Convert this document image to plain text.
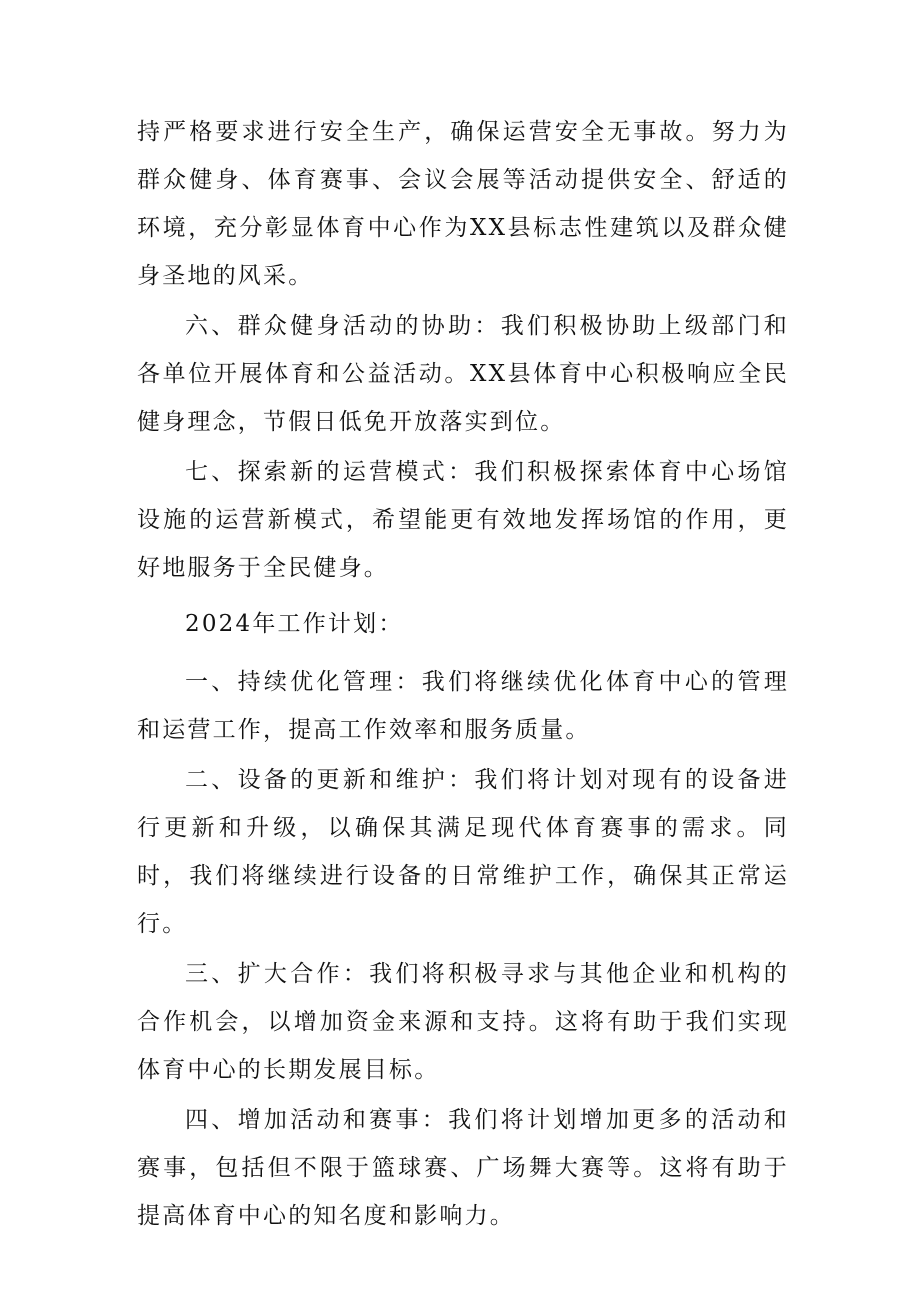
持严格要求进行安全生产，确保运营安全无事故。努力为群众健身、体育赛事、会议会展等活动提供安全、舒适的环境，充分彰显体育中心作为XX县标志性建筑以及群众健身圣地的风采。

六、群众健身活动的协助：我们积极协助上级部门和各单位开展体育和公益活动。XX县体育中心积极响应全民健身理念，节假日低免开放落实到位。

七、探索新的运营模式：我们积极探索体育中心场馆设施的运营新模式，希望能更有效地发挥场馆的作用，更好地服务于全民健身。

2024年工作计划：

一、持续优化管理：我们将继续优化体育中心的管理和运营工作，提高工作效率和服务质量。

二、设备的更新和维护：我们将计划对现有的设备进行更新和升级，以确保其满足现代体育赛事的需求。同时，我们将继续进行设备的日常维护工作，确保其正常运行。

三、扩大合作：我们将积极寻求与其他企业和机构的合作机会，以增加资金来源和支持。这将有助于我们实现体育中心的长期发展目标。

四、增加活动和赛事：我们将计划增加更多的活动和赛事，包括但不限于篮球赛、广场舞大赛等。这将有助于提高体育中心的知名度和影响力。
